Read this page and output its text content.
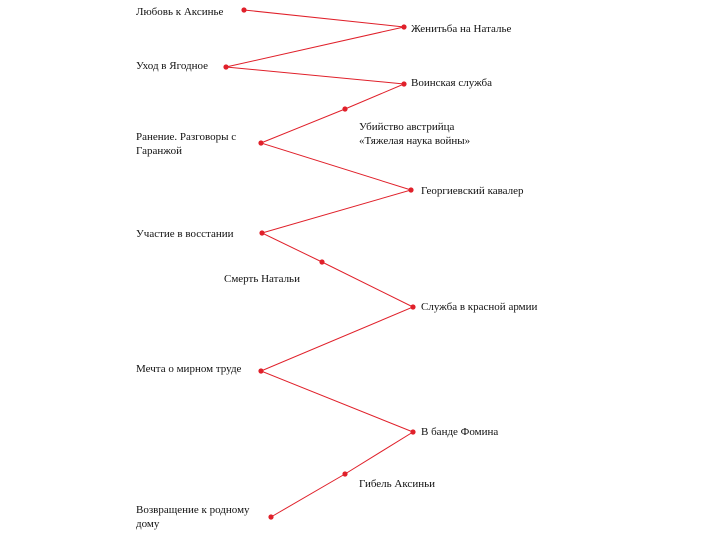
Любовь к Аксинье
Женитьба на Наталье
Уход в Ягодное
Воинская служба
Убийство австрийца «Тяжелая наука войны»
Ранение. Разговоры с Гаранжой
Георгиевский кавалер
Участие в восстании
Смерть Натальи
Служба в красной армии
Мечта о мирном труде
В банде Фомина
Гибель Аксиньи
Возвращение к родному дому
